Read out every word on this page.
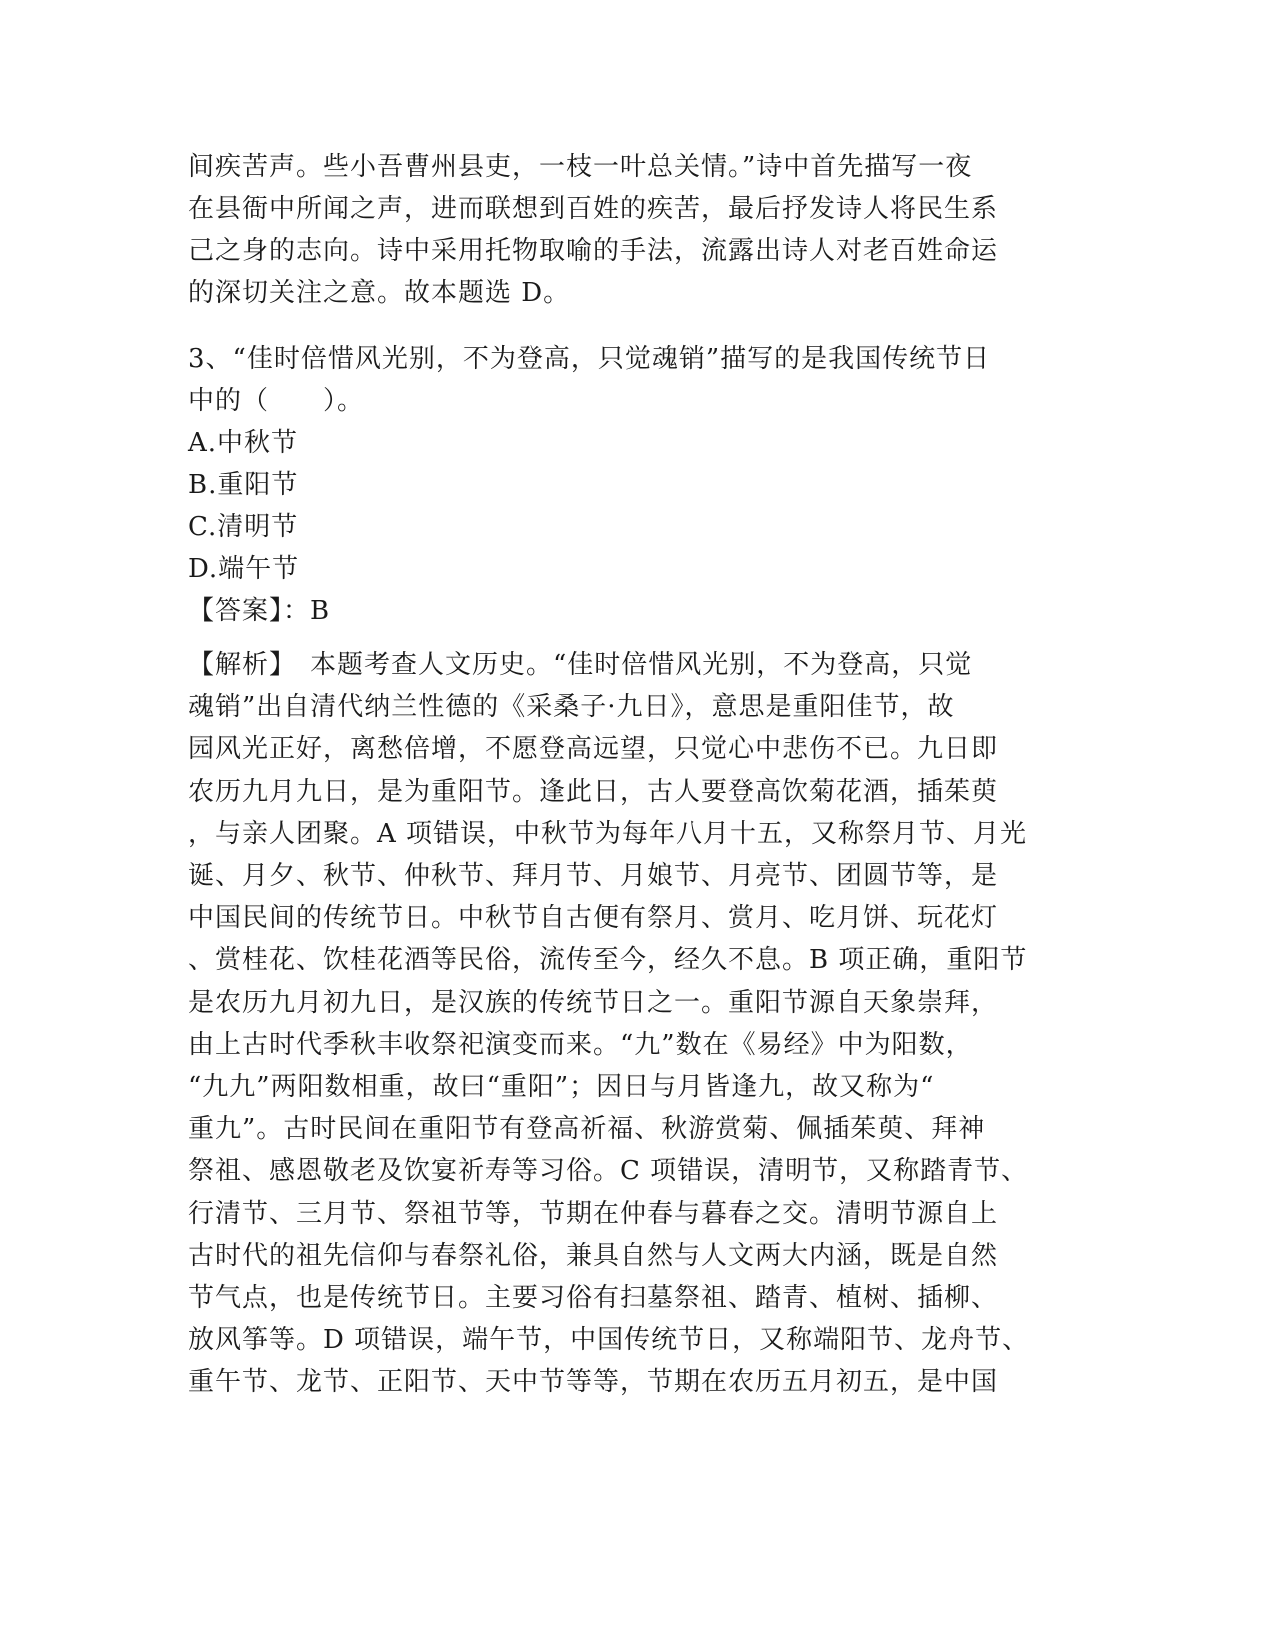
间疾苦声。些小吾曹州县吏，一枝一叶总关情。”诗中首先描写一夜
在县衙中所闻之声，进而联想到百姓的疾苦，最后抒发诗人将民生系
己之身的志向。诗中采用托物取喻的手法，流露出诗人对老百姓命运
的深切关注之意。故本题选 D。
3、“佳时倍惜风光别，不为登高，只觉魂销”描写的是我国传统节日
中的（　　）。
A.中秋节
B.重阳节
C.清明节
D.端午节
【答案】：B
【解析】　本题考查人文历史。“佳时倍惜风光别，不为登高，只觉
魂销”出自清代纳兰性德的《采桑子·九日》，意思是重阳佳节，故
园风光正好，离愁倍增，不愿登高远望，只觉心中悲伤不已。九日即
农历九月九日，是为重阳节。逢此日，古人要登高饮菊花酒，插茱萸
，与亲人团聚。A 项错误，中秋节为每年八月十五，又称祭月节、月光
诞、月夕、秋节、仲秋节、拜月节、月娘节、月亮节、团圆节等，是
中国民间的传统节日。中秋节自古便有祭月、赏月、吃月饼、玩花灯
、赏桂花、饮桂花酒等民俗，流传至今，经久不息。B 项正确，重阳节
是农历九月初九日，是汉族的传统节日之一。重阳节源自天象崇拜，
由上古时代季秋丰收祭祀演变而来。“九”数在《易经》中为阳数，
“九九”两阳数相重，故曰“重阳”；因日与月皆逢九，故又称为“
重九”。古时民间在重阳节有登高祈福、秋游赏菊、佩插茱萸、拜神
祭祖、感恩敬老及饮宴祈寿等习俗。C 项错误，清明节，又称踏青节、
行清节、三月节、祭祖节等，节期在仲春与暮春之交。清明节源自上
古时代的祖先信仰与春祭礼俗，兼具自然与人文两大内涵，既是自然
节气点，也是传统节日。主要习俗有扫墓祭祖、踏青、植树、插柳、
放风筝等。D 项错误，端午节，中国传统节日，又称端阳节、龙舟节、
重午节、龙节、正阳节、天中节等等，节期在农历五月初五，是中国
